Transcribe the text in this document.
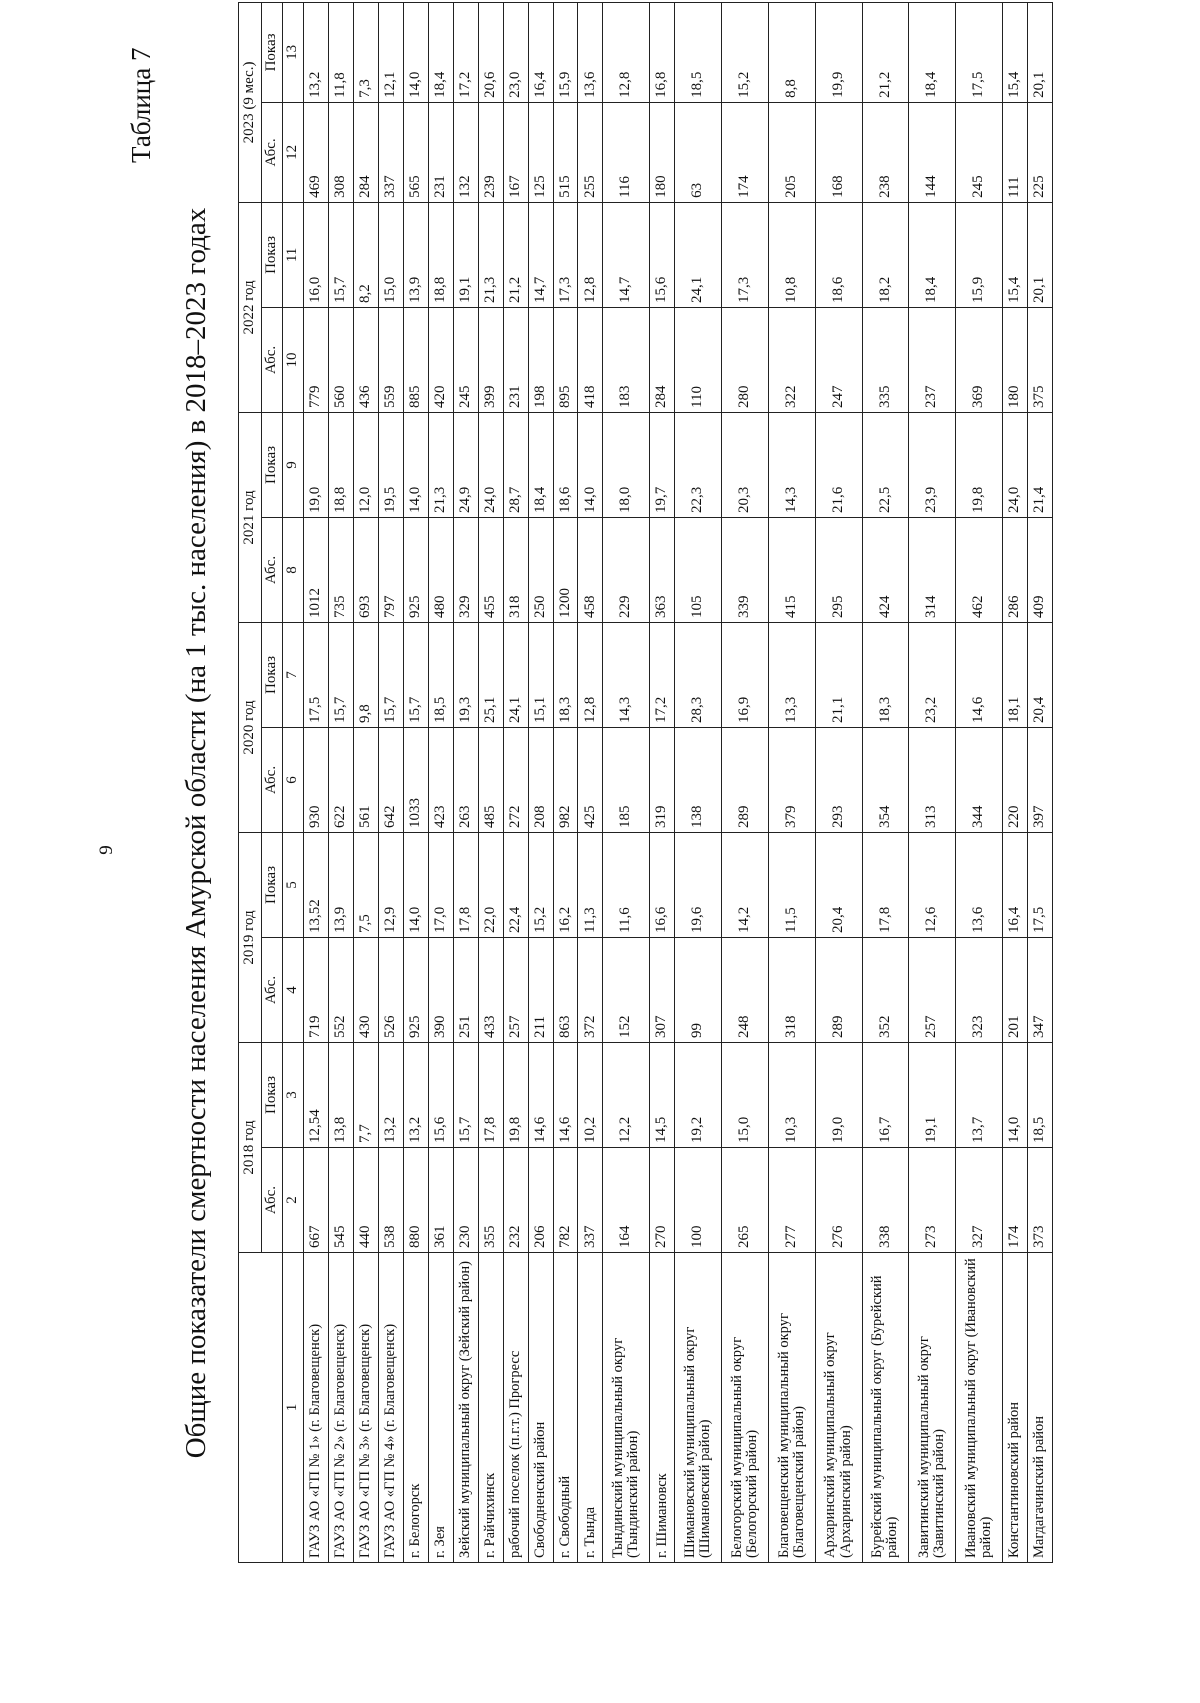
9
Таблица 7
Общие показатели смертности населения Амурской области (на 1 тыс. населения) в 2018–2023 годах
	2018 год		2019 год		2020 год		2021 год		2022 год		2023 (9 мес.)	
	Абс.	Показ	Абс.	Показ	Абс.	Показ	Абс.	Показ	Абс.	Показ	Абс.	Показ
1	2	3	4	5	6	7	8	9	10	11	12	13
ГАУЗ АО «ГП № 1» (г. Благовещенск)	667	12,54	719	13,52	930	17,5	1012	19,0	779	16,0	469	13,2
ГАУЗ АО «ГП № 2» (г. Благовещенск)	545	13,8	552	13,9	622	15,7	735	18,8	560	15,7	308	11,8
ГАУЗ АО «ГП № 3» (г. Благовещенск)	440	7,7	430	7,5	561	9,8	693	12,0	436	8,2	284	7,3
ГАУЗ АО «ГП № 4» (г. Благовещенск)	538	13,2	526	12,9	642	15,7	797	19,5	559	15,0	337	12,1
г. Белогорск	880	13,2	925	14,0	1033	15,7	925	14,0	885	13,9	565	14,0
г. Зея	361	15,6	390	17,0	423	18,5	480	21,3	420	18,8	231	18,4
Зейский муниципальный округ (Зейский район)	230	15,7	251	17,8	263	19,3	329	24,9	245	19,1	132	17,2
г. Райчихинск	355	17,8	433	22,0	485	25,1	455	24,0	399	21,3	239	20,6
рабочий поселок (п.г.т.) Прогресс	232	19,8	257	22,4	272	24,1	318	28,7	231	21,2	167	23,0
Свободненский район	206	14,6	211	15,2	208	15,1	250	18,4	198	14,7	125	16,4
г. Свободный	782	14,6	863	16,2	982	18,3	1200	18,6	895	17,3	515	15,9
г. Тында	337	10,2	372	11,3	425	12,8	458	14,0	418	12,8	255	13,6
Тындинский муниципальный округ (Тындинский район)	164	12,2	152	11,6	185	14,3	229	18,0	183	14,7	116	12,8
г. Шимановск	270	14,5	307	16,6	319	17,2	363	19,7	284	15,6	180	16,8
Шимановский муниципальный округ (Шимановский район)	100	19,2	99	19,6	138	28,3	105	22,3	110	24,1	63	18,5
Белогорский муниципальный округ (Белогорский район)	265	15,0	248	14,2	289	16,9	339	20,3	280	17,3	174	15,2
Благовещенский муниципальный округ (Благовещенский район)	277	10,3	318	11,5	379	13,3	415	14,3	322	10,8	205	8,8
Архаринский муниципальный округ (Архаринский район)	276	19,0	289	20,4	293	21,1	295	21,6	247	18,6	168	19,9
Бурейский муниципальный округ (Бурейский район)	338	16,7	352	17,8	354	18,3	424	22,5	335	18,2	238	21,2
Завитинский муниципальный округ (Завитинский район)	273	19,1	257	12,6	313	23,2	314	23,9	237	18,4	144	18,4
Ивановский муниципальный округ (Ивановский район)	327	13,7	323	13,6	344	14,6	462	19,8	369	15,9	245	17,5
Константиновский район	174	14,0	201	16,4	220	18,1	286	24,0	180	15,4	111	15,4
Магдагачинский район	373	18,5	347	17,5	397	20,4	409	21,4	375	20,1	225	20,1
